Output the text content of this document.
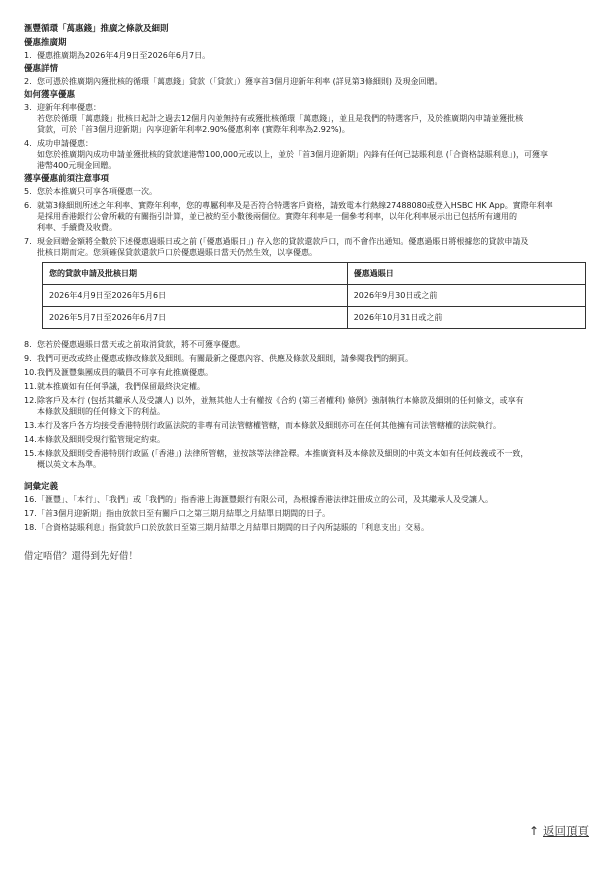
滙豐循環「萬惠錢」推廣之條款及細則
優惠推廣期
1. 優惠推廣期為2026年4月9日至2026年6月7日。
優惠詳情
2. 您可憑於推廣期內獲批核的循環「萬惠錢」貸款（「貸款」）獲享首3個月迎新年利率 (詳見第3條細則) 及現金回贈。
如何獲享優惠
3. 迎新年利率優惠：
若您於循環「萬惠錢」批核日起計之過去12個月內並無持有或獲批核循環「萬惠錢」，並且是我們的特選客戶，及於推廣期內申請並獲批核
貸款，可於「首3個月迎新期」內享迎新年利率2.90%優惠利率 (實際年利率為2.92%)。
4. 成功申請優惠：
如您於推廣期內成功申請並獲批核的貸款達港幣100,000元或以上，並於「首3個月迎新期」內鋒有任何已誌賬利息 (「合資格誌賬利息」)，可獲享
港幣400元現金回贈。
獲享優惠前須注意事項
5. 您於本推廣只可享各項優惠一次。
6. 就第3條細則所述之年利率、實際年利率，您的專屬利率及是否符合特選客戶資格，請致電本行熱線27488080或登入HSBC HK App。實際年利率
是採用香港銀行公會所載的有關指引計算，並已被約至小數後兩個位。實際年利率是一個參考利率，以年化利率展示出已包括所有適用的
利率、手續費及收費。
7. 現金回贈金額將全數於下述優惠過賬日或之前 (「優惠過賬日」) 存入您的貸款還款戶口，而不會作出通知。優惠過賬日將根據您的貸款申請及
批核日期而定。您須確保貸款還款戶口於優惠過賬日當天仍然生效，以享優惠。
您的貸款申請及批核日期	優惠過賬日
2026年4月9日至2026年5月6日	2026年9月30日或之前
2026年5月7日至2026年6月7日	2026年10月31日或之前
8. 您若於優惠過賬日當天或之前取消貸款，將不可獲享優惠。
9. 我們可更改或終止優惠或修改條款及細則。有關最新之優惠內容、供應及條款及細則，請參閱我們的網頁。
10. 我們及滙豐集團成員的職員不可享有此推廣優惠。
11. 就本推廣如有任何爭議，我們保留最終決定權。
12. 除客戶及本行 (包括其繼承人及受讓人) 以外，並無其他人士有權按《合約 (第三者權利) 條例》強制執行本條款及細則的任何條文，或享有
本條款及細則的任何條文下的利益。
13. 本行及客戶各方均接受香港特別行政區法院的非專有司法管轄權管轄，而本條款及細則亦可在任何其他擁有司法管轄權的法院執行。
14. 本條款及細則受現行監管規定約束。
15. 本條款及細則受香港特別行政區 (「香港」) 法律所管轄，並按該等法律詮釋。本推廣資料及本條款及細則的中英文本如有任何歧義或不一致，
概以英文本為準。
詞彙定義
16. 「滙豐」、「本行」、「我們」或「我們的」指香港上海滙豐銀行有限公司，為根據香港法律註冊成立的公司，及其繼承人及受讓人。
17. 「首3個月迎新期」指由放款日至有關戶口之第三期月結單之月結單日期間的日子。
18. 「合資格誌賬利息」指貸款戶口於放款日至第三期月結單之月結單日期間的日子內所誌賬的「利息支出」交易。
借定唔借？還得到先好借！
↑ 返回頂頁
